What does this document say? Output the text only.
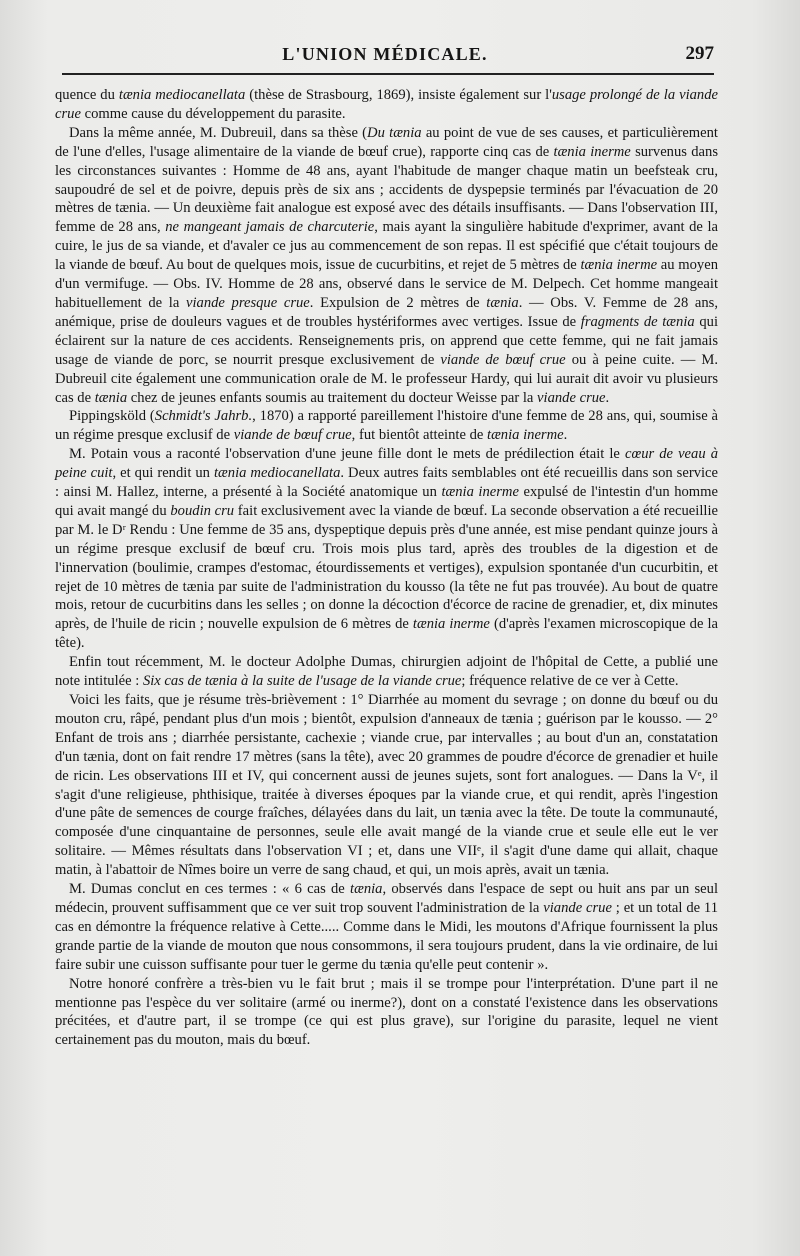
L'UNION MÉDICALE.	297

quence du tænia mediocanellata (thèse de Strasbourg, 1869), insiste également sur l'usage prolongé de la viande crue comme cause du développement du parasite.

Dans la même année, M. Dubreuil, dans sa thèse (Du tænia au point de vue de ses causes, et particulièrement de l'une d'elles, l'usage alimentaire de la viande de bœuf crue), rapporte cinq cas de tænia inerme survenus dans les circonstances suivantes : Homme de 48 ans, ayant l'habitude de manger chaque matin un beefsteak cru, saupoudré de sel et de poivre, depuis près de six ans ; accidents de dyspepsie terminés par l'évacuation de 20 mètres de tænia. — Un deuxième fait analogue est exposé avec des détails insuffisants. — Dans l'observation III, femme de 28 ans, ne mangeant jamais de charcuterie, mais ayant la singulière habitude d'exprimer, avant de la cuire, le jus de sa viande, et d'avaler ce jus au commencement de son repas. Il est spécifié que c'était toujours de la viande de bœuf. Au bout de quelques mois, issue de cucurbitins, et rejet de 5 mètres de tænia inerme au moyen d'un vermifuge. — Obs. IV. Homme de 28 ans, observé dans le service de M. Delpech. Cet homme mangeait habituellement de la viande presque crue. Expulsion de 2 mètres de tænia. — Obs. V. Femme de 28 ans, anémique, prise de douleurs vagues et de troubles hystériformes avec vertiges. Issue de fragments de tænia qui éclairent sur la nature de ces accidents. Renseignements pris, on apprend que cette femme, qui ne fait jamais usage de viande de porc, se nourrit presque exclusivement de viande de bœuf crue ou à peine cuite. — M. Dubreuil cite également une communication orale de M. le professeur Hardy, qui lui aurait dit avoir vu plusieurs cas de tænia chez de jeunes enfants soumis au traitement du docteur Weisse par la viande crue.

Pippingsköld (Schmidt's Jahrb., 1870) a rapporté pareillement l'histoire d'une femme de 28 ans, qui, soumise à un régime presque exclusif de viande de bœuf crue, fut bientôt atteinte de tænia inerme.

M. Potain vous a raconté l'observation d'une jeune fille dont le mets de prédilection était le cœur de veau à peine cuit, et qui rendit un tænia mediocanellata. Deux autres faits semblables ont été recueillis dans son service : ainsi M. Hallez, interne, a présenté à la Société anatomique un tænia inerme expulsé de l'intestin d'un homme qui avait mangé du boudin cru fait exclusivement avec la viande de bœuf. La seconde observation a été recueillie par M. le Dʳ Rendu : Une femme de 35 ans, dyspeptique depuis près d'une année, est mise pendant quinze jours à un régime presque exclusif de bœuf cru. Trois mois plus tard, après des troubles de la digestion et de l'innervation (boulimie, crampes d'estomac, étourdissements et vertiges), expulsion spontanée d'un cucurbitin, et rejet de 10 mètres de tænia par suite de l'administration du kousso (la tête ne fut pas trouvée). Au bout de quatre mois, retour de cucurbitins dans les selles ; on donne la décoction d'écorce de racine de grenadier, et, dix minutes après, de l'huile de ricin ; nouvelle expulsion de 6 mètres de tænia inerme (d'après l'examen microscopique de la tête).

Enfin tout récemment, M. le docteur Adolphe Dumas, chirurgien adjoint de l'hôpital de Cette, a publié une note intitulée : Six cas de tænia à la suite de l'usage de la viande crue; fréquence relative de ce ver à Cette.

Voici les faits, que je résume très-brièvement : 1° Diarrhée au moment du sevrage ; on donne du bœuf ou du mouton cru, râpé, pendant plus d'un mois ; bientôt, expulsion d'anneaux de tænia ; guérison par le kousso. — 2° Enfant de trois ans ; diarrhée persistante, cachexie ; viande crue, par intervalles ; au bout d'un an, constatation d'un tænia, dont on fait rendre 17 mètres (sans la tête), avec 20 grammes de poudre d'écorce de grenadier et huile de ricin. Les observations III et IV, qui concernent aussi de jeunes sujets, sont fort analogues. — Dans la Vᵉ, il s'agit d'une religieuse, phthisique, traitée à diverses époques par la viande crue, et qui rendit, après l'ingestion d'une pâte de semences de courge fraîches, délayées dans du lait, un tænia avec la tête. De toute la communauté, composée d'une cinquantaine de personnes, seule elle avait mangé de la viande crue et seule elle eut le ver solitaire. — Mêmes résultats dans l'observation VI ; et, dans une VIIᵉ, il s'agit d'une dame qui allait, chaque matin, à l'abattoir de Nîmes boire un verre de sang chaud, et qui, un mois après, avait un tænia.

M. Dumas conclut en ces termes : « 6 cas de tænia, observés dans l'espace de sept ou huit ans par un seul médecin, prouvent suffisamment que ce ver suit trop souvent l'administration de la viande crue ; et un total de 11 cas en démontre la fréquence relative à Cette..... Comme dans le Midi, les moutons d'Afrique fournissent la plus grande partie de la viande de mouton que nous consommons, il sera toujours prudent, dans la vie ordinaire, de lui faire subir une cuisson suffisante pour tuer le germe du tænia qu'elle peut contenir ».

Notre honoré confrère a très-bien vu le fait brut ; mais il se trompe pour l'interprétation. D'une part il ne mentionne pas l'espèce du ver solitaire (armé ou inerme?), dont on a constaté l'existence dans les observations précitées, et d'autre part, il se trompe (ce qui est plus grave), sur l'origine du parasite, lequel ne vient certainement pas du mouton, mais du bœuf.
